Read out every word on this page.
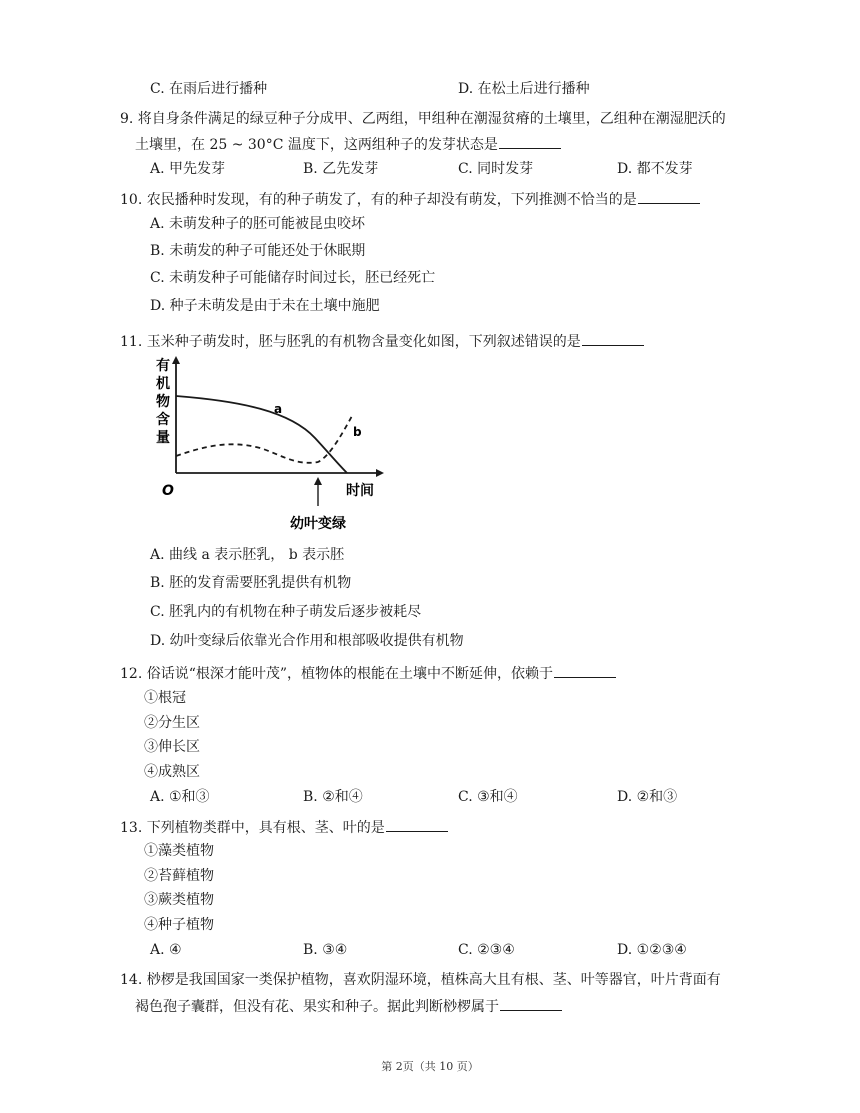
C. 在雨后进行播种	D. 在松土后进行播种
9. 将自身条件满足的绿豆种子分成甲、乙两组，甲组种在潮湿贫瘠的土壤里，乙组种在潮湿肥沃的
土壤里，在 25 ~ 30°C 温度下，这两组种子的发芽状态是
A. 甲先发芽	B. 乙先发芽	C. 同时发芽	D. 都不发芽
10. 农民播种时发现，有的种子萌发了，有的种子却没有萌发，下列推测不恰当的是
A. 未萌发种子的胚可能被昆虫咬坏
B. 未萌发的种子可能还处于休眠期
C. 未萌发种子可能储存时间过长，胚已经死亡
D. 种子未萌发是由于未在土壤中施肥
11. 玉米种子萌发时，胚与胚乳的有机物含量变化如图，下列叙述错误的是
有
机
物
含
量
O	时间
a
b
幼叶变绿
A. 曲线 a 表示胚乳， b 表示胚
B. 胚的发育需要胚乳提供有机物
C. 胚乳内的有机物在种子萌发后逐步被耗尽
D. 幼叶变绿后依靠光合作用和根部吸收提供有机物
12. 俗话说“根深才能叶茂”，植物体的根能在土壤中不断延伸，依赖于
①根冠
②分生区
③伸长区
④成熟区
A. ①和③	B. ②和④	C. ③和④	D. ②和③
13. 下列植物类群中，具有根、茎、叶的是
①藻类植物
②苔藓植物
③蕨类植物
④种子植物
A. ④	B. ③④	C. ②③④	D. ①②③④
14. 桫椤是我国国家一类保护植物，喜欢阴湿环境，植株高大且有根、茎、叶等器官，叶片背面有
褐色孢子囊群，但没有花、果实和种子。据此判断桫椤属于
第 2页（共 10 页）
